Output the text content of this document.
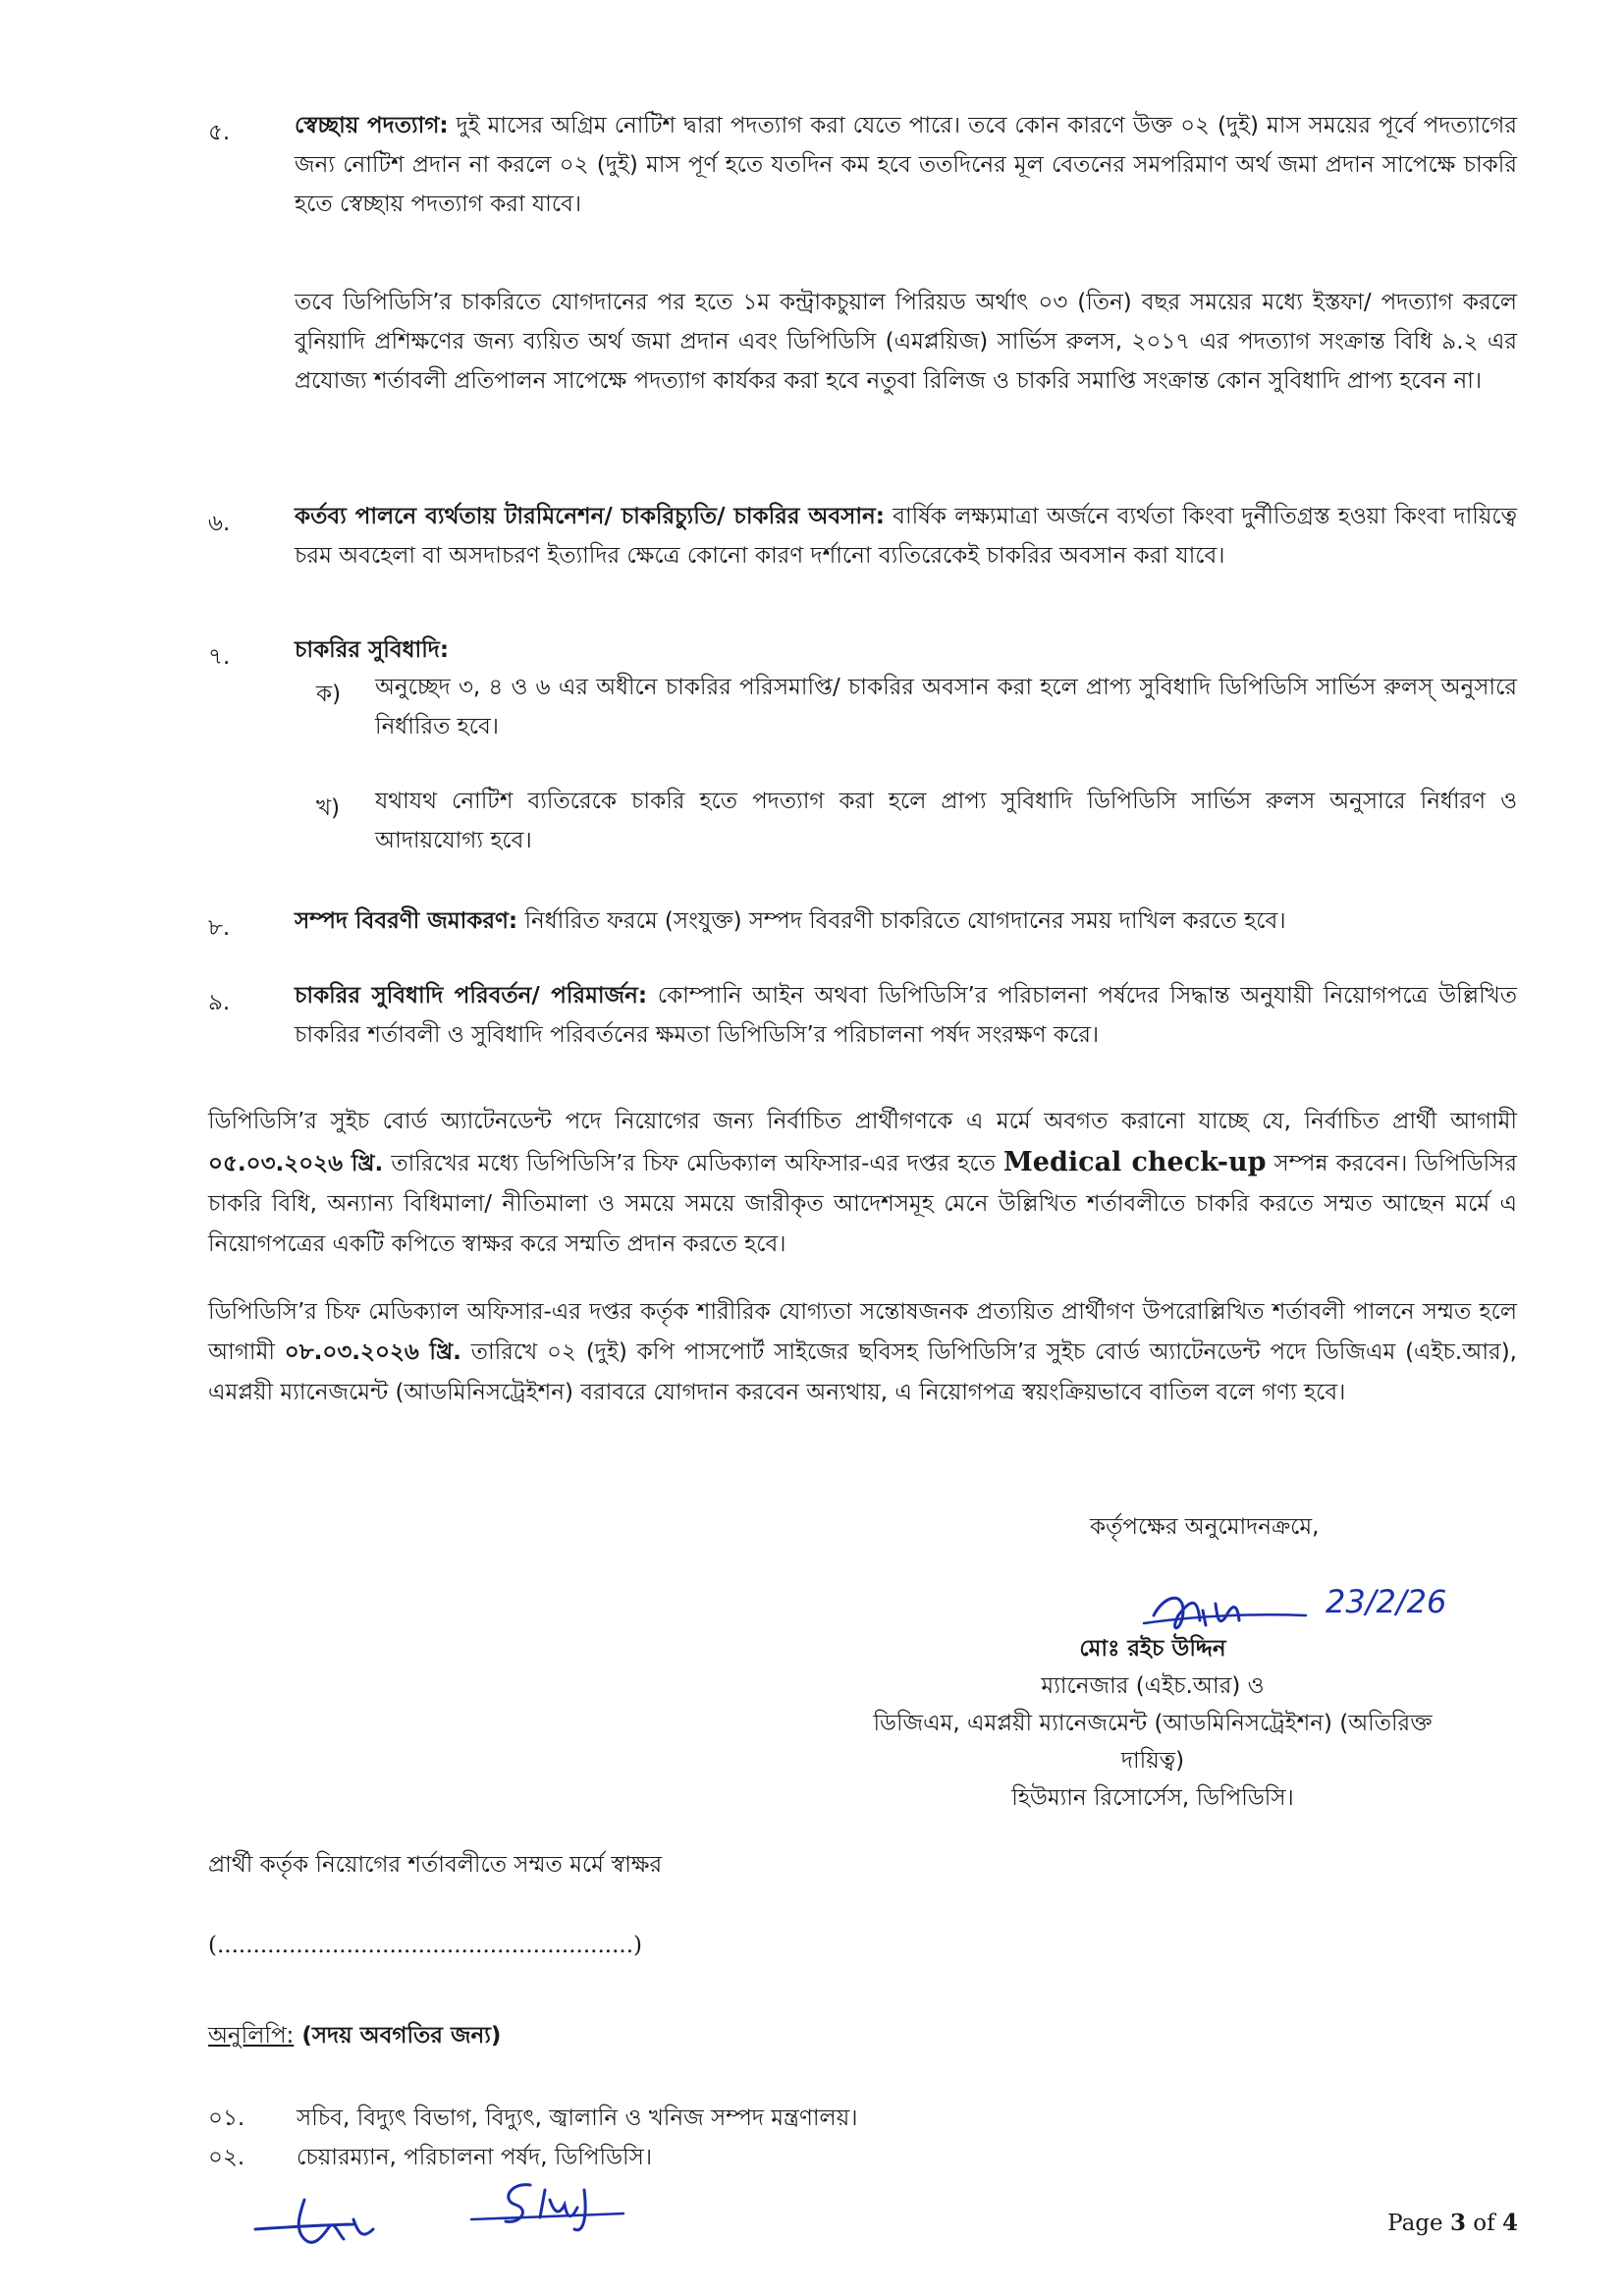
৫.	স্বেচ্ছায় পদত্যাগ: দুই মাসের অগ্রিম নোটিশ দ্বারা পদত্যাগ করা যেতে পারে। তবে কোন কারণে উক্ত ০২ (দুই) মাস সময়ের পূর্বে পদত্যাগের জন্য নোটিশ প্রদান না করলে ০২ (দুই) মাস পূর্ণ হতে যতদিন কম হবে ততদিনের মূল বেতনের সমপরিমাণ অর্থ জমা প্রদান সাপেক্ষে চাকরি হতে স্বেচ্ছায় পদত্যাগ করা যাবে।

তবে ডিপিডিসি’র চাকরিতে যোগদানের পর হতে ১ম কন্ট্রাকচুয়াল পিরিয়ড অর্থাৎ ০৩ (তিন) বছর সময়ের মধ্যে ইস্তফা/ পদত্যাগ করলে বুনিয়াদি প্রশিক্ষণের জন্য ব্যয়িত অর্থ জমা প্রদান এবং ডিপিডিসি (এমপ্লয়িজ) সার্ভিস রুলস, ২০১৭ এর পদত্যাগ সংক্রান্ত বিধি ৯.২ এর প্রযোজ্য শর্তাবলী প্রতিপালন সাপেক্ষে পদত্যাগ কার্যকর করা হবে নতুবা রিলিজ ও চাকরি সমাপ্তি সংক্রান্ত কোন সুবিধাদি প্রাপ্য হবেন না।

৬.	কর্তব্য পালনে ব্যর্থতায় টারমিনেশন/ চাকরিচ্যুতি/ চাকরির অবসান: বার্ষিক লক্ষ্যমাত্রা অর্জনে ব্যর্থতা কিংবা দুর্নীতিগ্রস্ত হওয়া কিংবা দায়িত্বে চরম অবহেলা বা অসদাচরণ ইত্যাদির ক্ষেত্রে কোনো কারণ দর্শানো ব্যতিরেকেই চাকরির অবসান করা যাবে।

৭.	চাকরির সুবিধাদি:

ক) অনুচ্ছেদ ৩, ৪ ও ৬ এর অধীনে চাকরির পরিসমাপ্তি/ চাকরির অবসান করা হলে প্রাপ্য সুবিধাদি ডিপিডিসি সার্ভিস রুলস্ অনুসারে নির্ধারিত হবে।

খ) যথাযথ নোটিশ ব্যতিরেকে চাকরি হতে পদত্যাগ করা হলে প্রাপ্য সুবিধাদি ডিপিডিসি সার্ভিস রুলস অনুসারে নির্ধারণ ও আদায়যোগ্য হবে।

৮.	সম্পদ বিবরণী জমাকরণ: নির্ধারিত ফরমে (সংযুক্ত) সম্পদ বিবরণী চাকরিতে যোগদানের সময় দাখিল করতে হবে।

৯.	চাকরির সুবিধাদি পরিবর্তন/ পরিমার্জন: কোম্পানি আইন অথবা ডিপিডিসি’র পরিচালনা পর্ষদের সিদ্ধান্ত অনুযায়ী নিয়োগপত্রে উল্লিখিত চাকরির শর্তাবলী ও সুবিধাদি পরিবর্তনের ক্ষমতা ডিপিডিসি’র পরিচালনা পর্ষদ সংরক্ষণ করে।

ডিপিডিসি’র সুইচ বোর্ড অ্যাটেনডেন্ট পদে নিয়োগের জন্য নির্বাচিত প্রার্থীগণকে এ মর্মে অবগত করানো যাচ্ছে যে, নির্বাচিত প্রার্থী আগামী ০৫.০৩.২০২৬ খ্রি. তারিখের মধ্যে ডিপিডিসি’র চিফ মেডিক্যাল অফিসার-এর দপ্তর হতে Medical check-up সম্পন্ন করবেন। ডিপিডিসির চাকরি বিধি, অন্যান্য বিধিমালা/ নীতিমালা ও সময়ে সময়ে জারীকৃত আদেশসমূহ মেনে উল্লিখিত শর্তাবলীতে চাকরি করতে সম্মত আছেন মর্মে এ নিয়োগপত্রের একটি কপিতে স্বাক্ষর করে সম্মতি প্রদান করতে হবে।

ডিপিডিসি’র চিফ মেডিক্যাল অফিসার-এর দপ্তর কর্তৃক শারীরিক যোগ্যতা সন্তোষজনক প্রত্যয়িত প্রার্থীগণ উপরোল্লিখিত শর্তাবলী পালনে সম্মত হলে আগামী ০৮.০৩.২০২৬ খ্রি. তারিখে ০২ (দুই) কপি পাসপোর্ট সাইজের ছবিসহ ডিপিডিসি’র সুইচ বোর্ড অ্যাটেনডেন্ট পদে ডিজিএম (এইচ.আর), এমপ্লয়ী ম্যানেজমেন্ট (আডমিনিসট্রেইশন) বরাবরে যোগদান করবেন অন্যথায়, এ নিয়োগপত্র স্বয়ংক্রিয়ভাবে বাতিল বলে গণ্য হবে।

কর্তৃপক্ষের অনুমোদনক্রমে,
23/2/26
মোঃ রইচ উদ্দিন
ম্যানেজার (এইচ.আর) ও
ডিজিএম, এমপ্লয়ী ম্যানেজমেন্ট (আডমিনিসট্রেইশন) (অতিরিক্ত দায়িত্ব)
হিউম্যান রিসোর্সেস, ডিপিডিসি।
প্রার্থী কর্তৃক নিয়োগের শর্তাবলীতে সম্মত মর্মে স্বাক্ষর
(..........................................................)
অনুলিপি: (সদয় অবগতির জন্য)
০১. সচিব, বিদ্যুৎ বিভাগ, বিদ্যুৎ, জ্বালানি ও খনিজ সম্পদ মন্ত্রণালয়।
০২. চেয়ারম্যান, পরিচালনা পর্ষদ, ডিপিডিসি।
Page 3 of 4
